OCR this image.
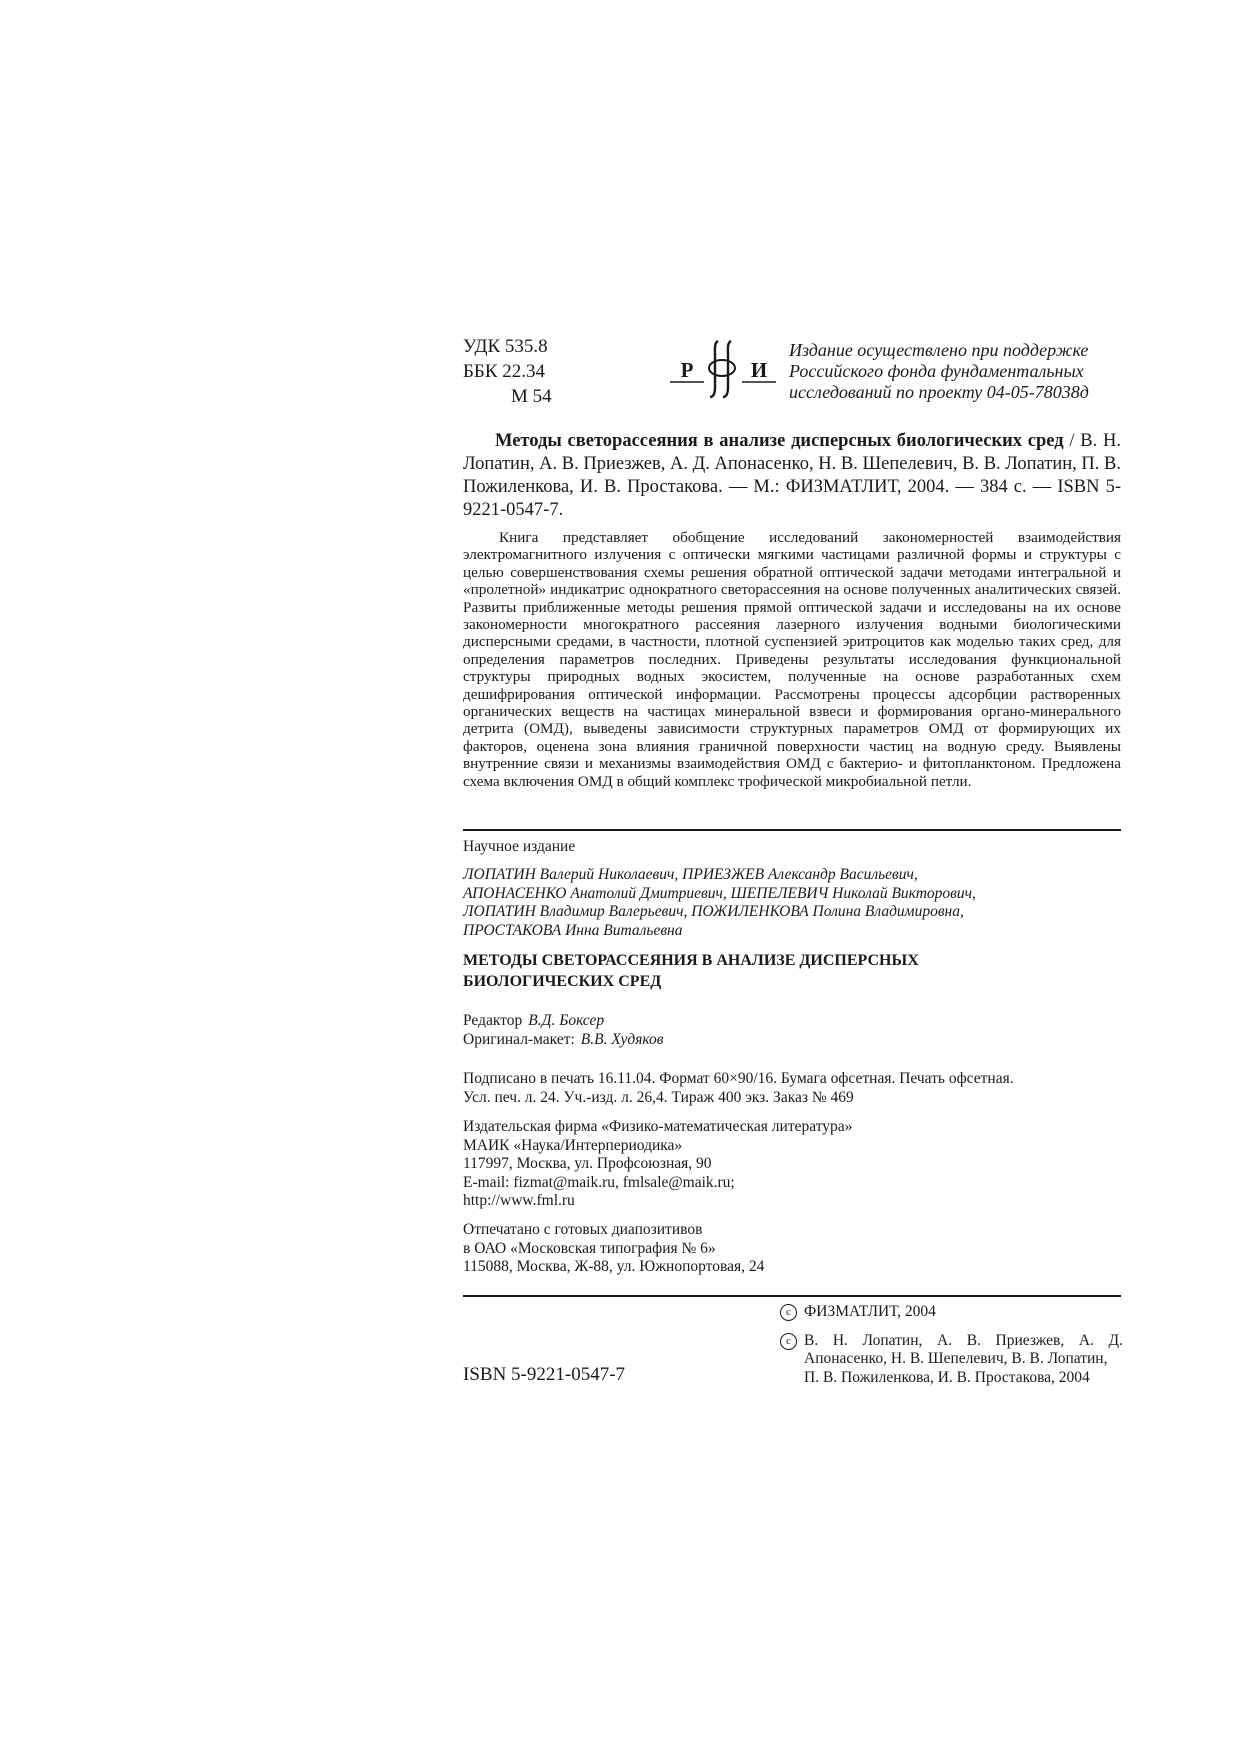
УДК 535.8
ББК 22.34
М 54
Р	И
ф
Издание осуществлено при поддержке
Российского фонда фундаментальных
исследований по проекту 04-05-78038д
Методы светорассеяния в анализе дисперсных биологических сред / В. Н. Лопатин, А. В. Приезжев, А. Д. Апонасенко, Н. В. Шепелевич, В. В. Лопатин, П. В. Пожиленкова, И. В. Простакова. — М.: ФИЗМАТЛИТ, 2004. — 384 с. — ISBN 5-9221-0547-7.
Книга представляет обобщение исследований закономерностей взаимодействия электромагнитного излучения с оптически мягкими частицами различной формы и структуры с целью совершенствования схемы решения обратной оптической задачи методами интегральной и «пролетной» индикатрис однократного светорассеяния на основе полученных аналитических связей. Развиты приближенные методы решения прямой оптической задачи и исследованы на их основе закономерности многократного рассеяния лазерного излучения водными биологическими дисперсными средами, в частности, плотной суспензией эритроцитов как моделью таких сред, для определения параметров последних. Приведены результаты исследования функциональной структуры природных водных экосистем, полученные на основе разработанных схем дешифрирования оптической информации. Рассмотрены процессы адсорбции растворенных органических веществ на частицах минеральной взвеси и формирования органо-минерального детрита (ОМД), выведены зависимости структурных параметров ОМД от формирующих их факторов, оценена зона влияния граничной поверхности частиц на водную среду. Выявлены внутренние связи и механизмы взаимодействия ОМД с бактерио- и фитопланктоном. Предложена схема включения ОМД в общий комплекс трофической микробиальной петли.
Научное издание
ЛОПАТИН Валерий Николаевич, ПРИЕЗЖЕВ Александр Васильевич,
АПОНАСЕНКО Анатолий Дмитриевич, ШЕПЕЛЕВИЧ Николай Викторович,
ЛОПАТИН Владимир Валерьевич, ПОЖИЛЕНКОВА Полина Владимировна,
ПРОСТАКОВА Инна Витальевна
МЕТОДЫ СВЕТОРАССЕЯНИЯ В АНАЛИЗЕ ДИСПЕРСНЫХ
БИОЛОГИЧЕСКИХ СРЕД
Редактор В.Д. Боксер
Оригинал-макет: В.В. Худяков
Подписано в печать 16.11.04. Формат 60×90/16. Бумага офсетная. Печать офсетная.
Усл. печ. л. 24. Уч.-изд. л. 26,4. Тираж 400 экз. Заказ № 469
Издательская фирма «Физико-математическая литература»
МАИК «Наука/Интерпериодика»
117997, Москва, ул. Профсоюзная, 90
E-mail: fizmat@maik.ru, fmlsale@maik.ru;
http://www.fml.ru
Отпечатано с готовых диапозитивов
в ОАО «Московская типография № 6»
115088, Москва, Ж-88, ул. Южнопортовая, 24
ISBN 5-9221-0547-7
c ФИЗМАТЛИТ, 2004
c В. Н. Лопатин, А. В. Приезжев, А. Д. Апонасенко, Н. В. Шепелевич, В. В. Лопатин,
П. В. Пожиленкова, И. В. Простакова, 2004
